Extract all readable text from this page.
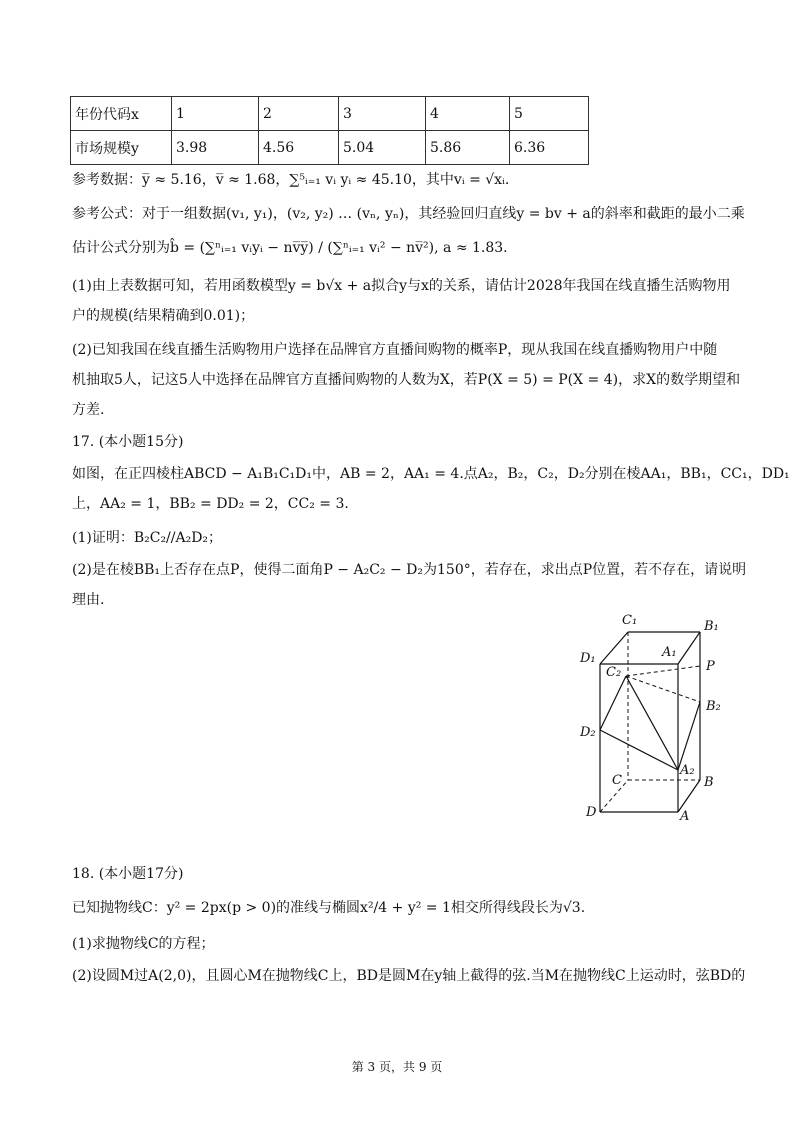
年份代码x	1	2	3	4	5
市场规模y	3.98	4.56	5.04	5.86	6.36
参考数据：y̅ ≈ 5.16，v̅ ≈ 1.68，∑⁵ᵢ₌₁ vᵢ yᵢ ≈ 45.10，其中vᵢ = √xᵢ.
参考公式：对于一组数据(v₁, y₁)，(v₂, y₂) … (vₙ, yₙ)，其经验回归直线y = bv + a的斜率和截距的最小二乘
估计公式分别为b̂ = (∑ⁿᵢ₌₁ vᵢyᵢ − nv̅y̅) / (∑ⁿᵢ₌₁ vᵢ² − nv̅²), a ≈ 1.83.
(1)由上表数据可知，若用函数模型y = b√x + a拟合y与x的关系，请估计2028年我国在线直播生活购物用
户的规模(结果精确到0.01)；
(2)已知我国在线直播生活购物用户选择在品牌官方直播间购物的概率P，现从我国在线直播购物用户中随
机抽取5人，记这5人中选择在品牌官方直播间购物的人数为X，若P(X = 5) = P(X = 4)，求X的数学期望和
方差.
17. (本小题15分)
如图，在正四棱柱ABCD − A₁B₁C₁D₁中，AB = 2，AA₁ = 4.点A₂，B₂，C₂，D₂分别在棱AA₁，BB₁，CC₁，DD₁
上，AA₂ = 1，BB₂ = DD₂ = 2，CC₂ = 3.
(1)证明：B₂C₂//A₂D₂；
(2)是在棱BB₁上否存在点P，使得二面角P − A₂C₂ − D₂为150°，若存在，求出点P位置，若不存在，请说明
理由.
C₁	B₁
D₁	A₁
P
C₂
B₂
D₂
A₂
C	B
D	A
18. (本小题17分)
已知抛物线C：y² = 2px(p > 0)的准线与椭圆x²/4 + y² = 1相交所得线段长为√3.
(1)求抛物线C的方程；
(2)设圆M过A(2,0)，且圆心M在抛物线C上，BD是圆M在y轴上截得的弦.当M在抛物线C上运动时，弦BD的
第 3 页，共 9 页
